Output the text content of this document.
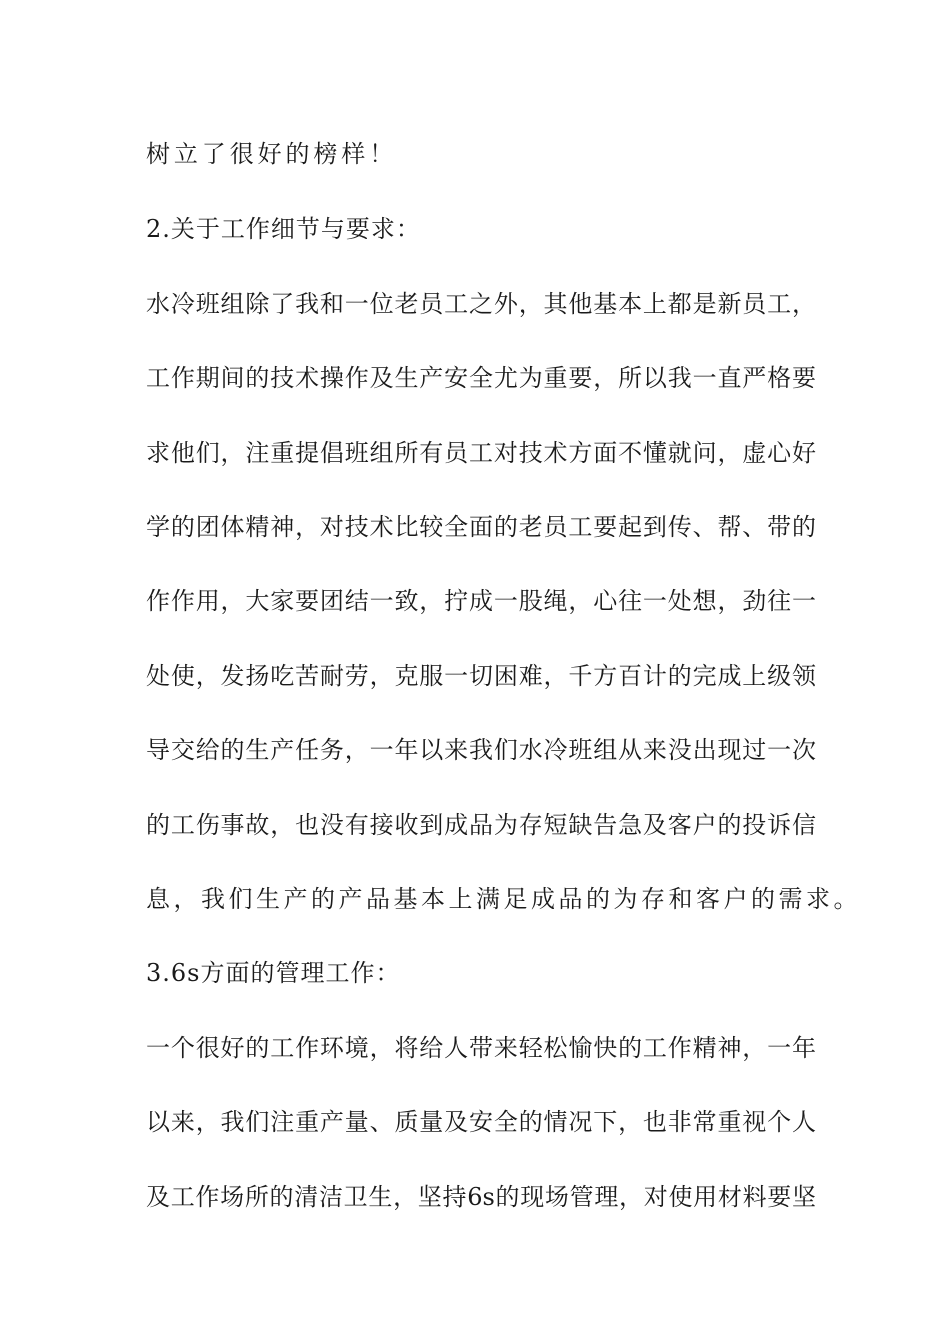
树立了很好的榜样！
2.关于工作细节与要求：
水冷班组除了我和一位老员工之外，其他基本上都是新员工，
工作期间的技术操作及生产安全尤为重要，所以我一直严格要
求他们，注重提倡班组所有员工对技术方面不懂就问，虚心好
学的团体精神，对技术比较全面的老员工要起到传、帮、带的
作作用，大家要团结一致，拧成一股绳，心往一处想，劲往一
处使，发扬吃苦耐劳，克服一切困难，千方百计的完成上级领
导交给的生产任务，一年以来我们水冷班组从来没出现过一次
的工伤事故，也没有接收到成品为存短缺告急及客户的投诉信
息，我们生产的产品基本上满足成品的为存和客户的需求。
3.6s方面的管理工作：
一个很好的工作环境，将给人带来轻松愉快的工作精神，一年
以来，我们注重产量、质量及安全的情况下，也非常重视个人
及工作场所的清洁卫生，坚持6s的现场管理，对使用材料要坚
